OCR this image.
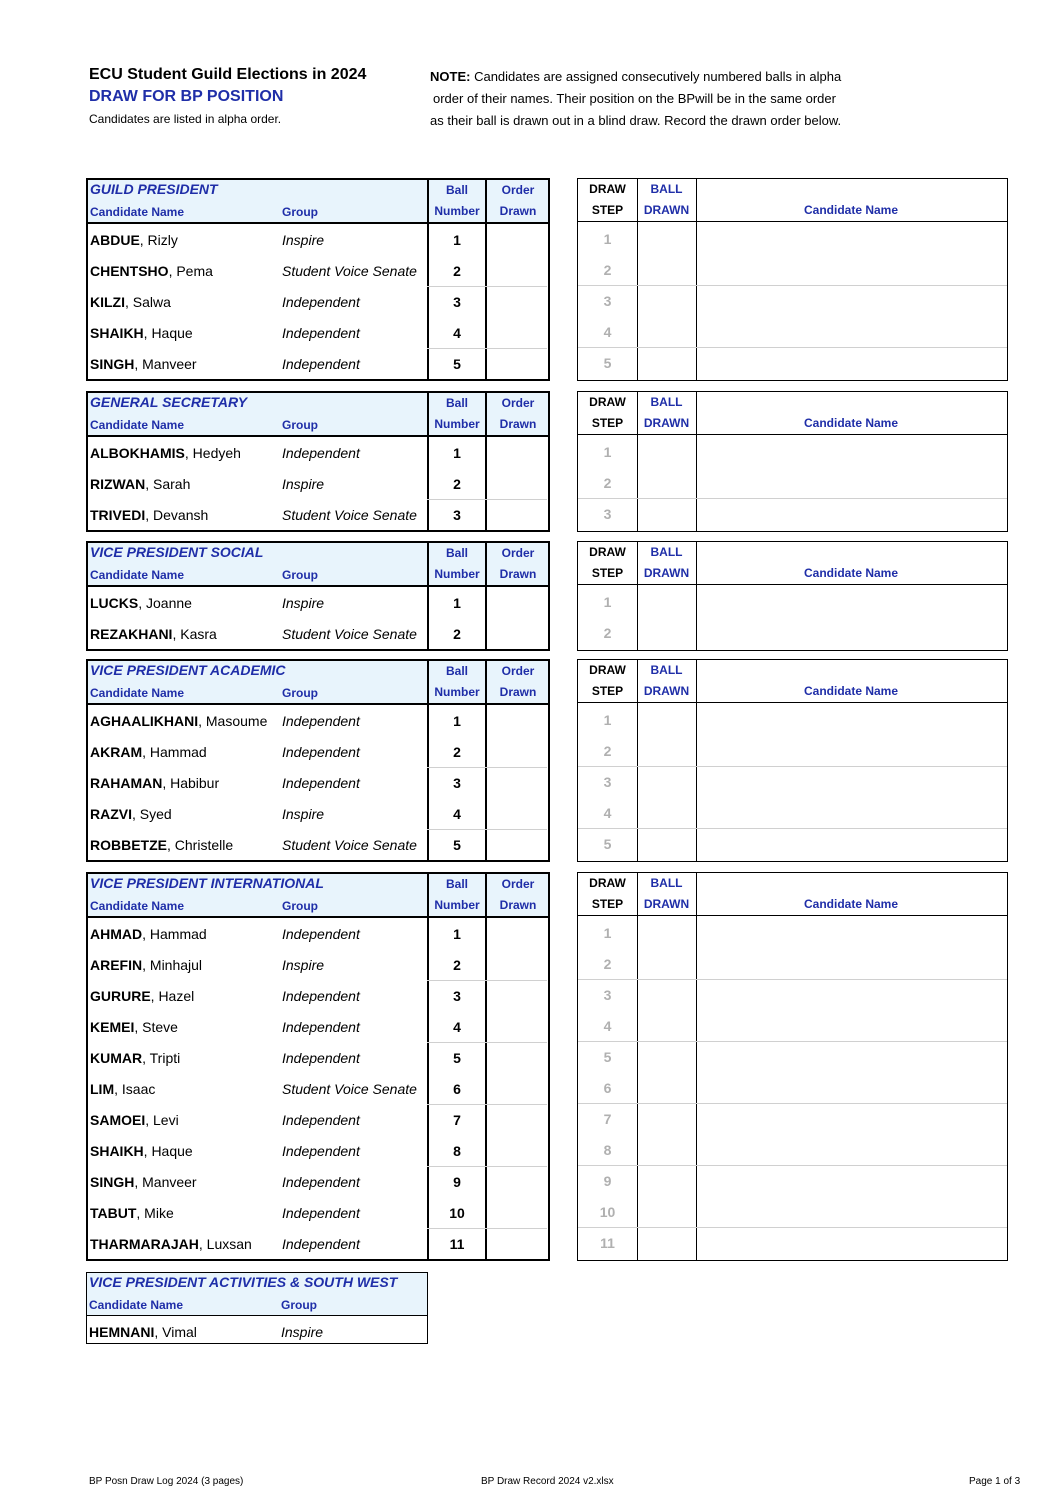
ECU Student Guild Elections in 2024
DRAW FOR BP POSITION
Candidates are listed in alpha order.
NOTE: Candidates are assigned consecutively numbered balls in alpha
order of their names. Their position on the BPwill be in the same order
as their ball is drawn out in a blind draw. Record the drawn order below.
GUILD PRESIDENT
Candidate Name	Group
Ball
Number
Order
Drawn
ABDUE, Rizly	Inspire	1
CHENTSHO, Pema	Student Voice Senate	2
KILZI, Salwa	Independent	3
SHAIKH, Haque	Independent	4
SINGH, Manveer	Independent	5
DRAW
STEP
BALL
DRAWN	Candidate Name
1
2
3
4
5
GENERAL SECRETARY
Candidate Name	Group
Ball
Number
Order
Drawn
ALBOKHAMIS, Hedyeh	Independent	1
RIZWAN, Sarah	Inspire	2
TRIVEDI, Devansh	Student Voice Senate	3
DRAW
STEP
BALL
DRAWN	Candidate Name
1
2
3
VICE PRESIDENT SOCIAL
Candidate Name	Group
Ball
Number
Order
Drawn
LUCKS, Joanne	Inspire	1
REZAKHANI, Kasra	Student Voice Senate	2
DRAW
STEP
BALL
DRAWN	Candidate Name
1
2
VICE PRESIDENT ACADEMIC
Candidate Name	Group
Ball
Number
Order
Drawn
AGHAALIKHANI, Masoume Independent	1
AKRAM, Hammad	Independent	2
RAHAMAN, Habibur	Independent	3
RAZVI, Syed	Inspire	4
ROBBETZE, Christelle	Student Voice Senate	5
DRAW
STEP
BALL
DRAWN	Candidate Name
1
2
3
4
5
VICE PRESIDENT INTERNATIONAL
Candidate Name	Group
Ball
Number
Order
Drawn
AHMAD, Hammad	Independent	1
AREFIN, Minhajul	Inspire	2
GURURE, Hazel	Independent	3
KEMEI, Steve	Independent	4
KUMAR, Tripti	Independent	5
LIM, Isaac	Student Voice Senate	6
SAMOEI, Levi	Independent	7
SHAIKH, Haque	Independent	8
SINGH, Manveer	Independent	9
TABUT, Mike	Independent	10
THARMARAJAH, Luxsan Independent	11
DRAW
STEP
BALL
DRAWN	Candidate Name
1
2
3
4
5
6
7
8
9
10
11
VICE PRESIDENT ACTIVITIES & SOUTH WEST
Candidate Name	Group
HEMNANI, Vimal	Inspire
BP Posn Draw Log 2024 (3 pages)	BP Draw Record 2024 v2.xlsx	Page 1 of 3
